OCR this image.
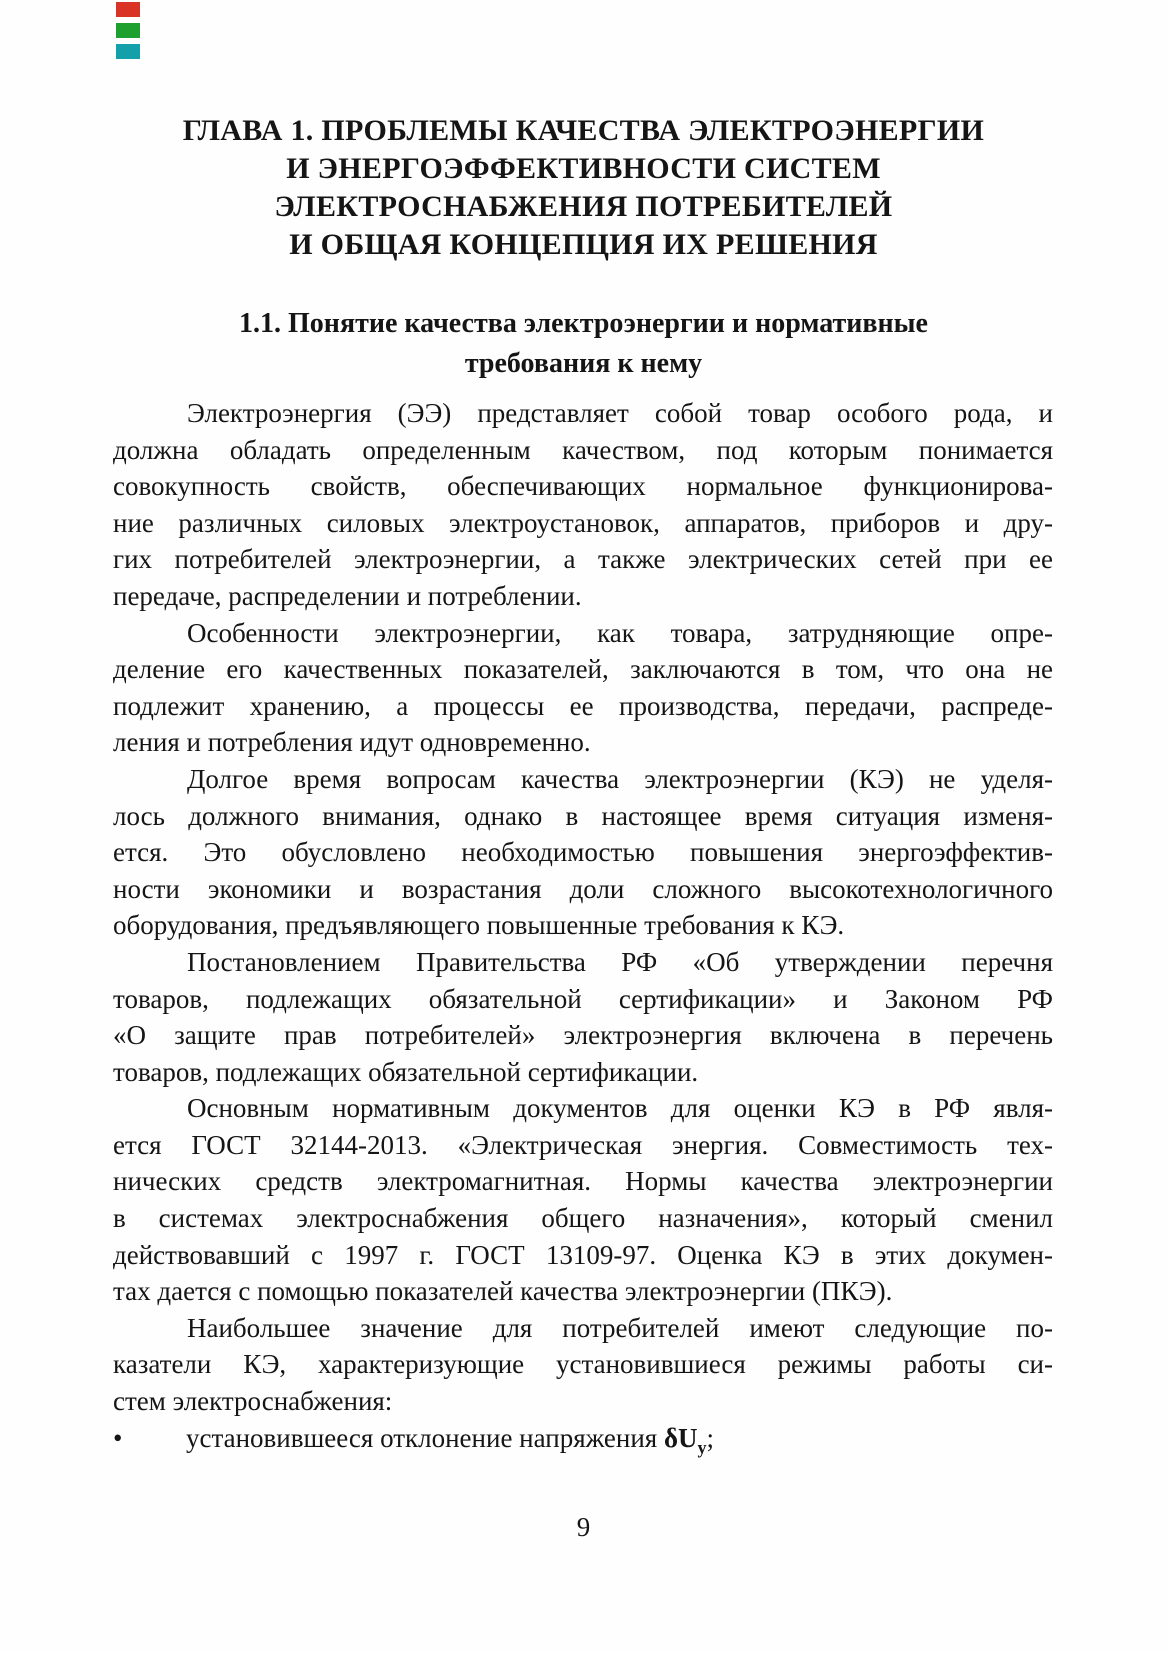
ГЛАВА 1. ПРОБЛЕМЫ КАЧЕСТВА ЭЛЕКТРОЭНЕРГИИ
И ЭНЕРГОЭФФЕКТИВНОСТИ СИСТЕМ
ЭЛЕКТРОСНАБЖЕНИЯ ПОТРЕБИТЕЛЕЙ
И ОБЩАЯ КОНЦЕПЦИЯ ИХ РЕШЕНИЯ
1.1. Понятие качества электроэнергии и нормативные
требования к нему
Электроэнергия (ЭЭ) представляет собой товар особого рода, и
должна обладать определенным качеством, под которым понимается
совокупность свойств, обеспечивающих нормальное функционирова-
ние различных силовых электроустановок, аппаратов, приборов и дру-
гих потребителей электроэнергии, а также электрических сетей при ее
передаче, распределении и потреблении.
Особенности электроэнергии, как товара, затрудняющие опре-
деление его качественных показателей, заключаются в том, что она не
подлежит хранению, а процессы ее производства, передачи, распреде-
ления и потребления идут одновременно.
Долгое время вопросам качества электроэнергии (КЭ) не уделя-
лось должного внимания, однако в настоящее время ситуация изменя-
ется. Это обусловлено необходимостью повышения энергоэффектив-
ности экономики и возрастания доли сложного высокотехнологичного
оборудования, предъявляющего повышенные требования к КЭ.
Постановлением Правительства РФ «Об утверждении перечня
товаров, подлежащих обязательной сертификации» и Законом РФ
«О защите прав потребителей» электроэнергия включена в перечень
товаров, подлежащих обязательной сертификации.
Основным нормативным документов для оценки КЭ в РФ явля-
ется ГОСТ 32144-2013. «Электрическая энергия. Совместимость тех-
нических средств электромагнитная. Нормы качества электроэнергии
в системах электроснабжения общего назначения», который сменил
действовавший с 1997 г. ГОСТ 13109-97. Оценка КЭ в этих докумен-
тах дается с помощью показателей качества электроэнергии (ПКЭ).
Наибольшее значение для потребителей имеют следующие по-
казатели КЭ, характеризующие установившиеся режимы работы си-
стем электроснабжения:
•	установившееся отклонение напряжения $\delta U_у$;
9
